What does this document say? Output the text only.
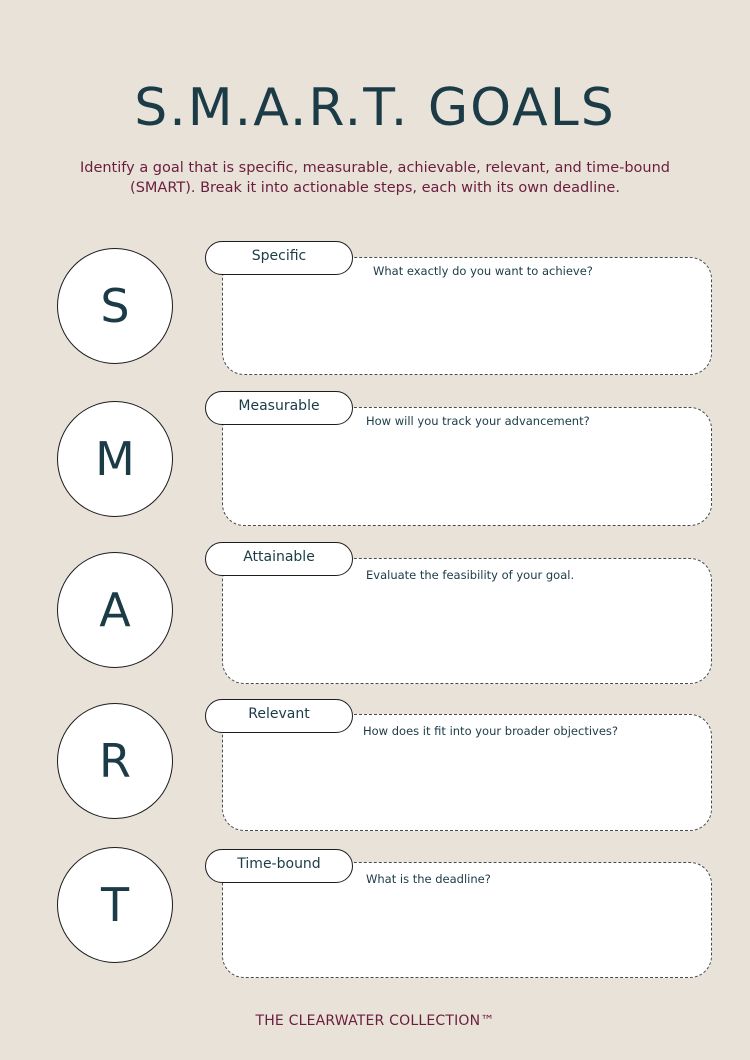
S.M.A.R.T. GOALS

Identify a goal that is specific, measurable, achievable, relevant, and time-bound (SMART). Break it into actionable steps, each with its own deadline.

S
Specific
What exactly do you want to achieve?
M
Measurable
How will you track your advancement?
A
Attainable
Evaluate the feasibility of your goal.
R
Relevant
How does it fit into your broader objectives?
T
Time-bound
What is the deadline?
THE CLEARWATER COLLECTION™
